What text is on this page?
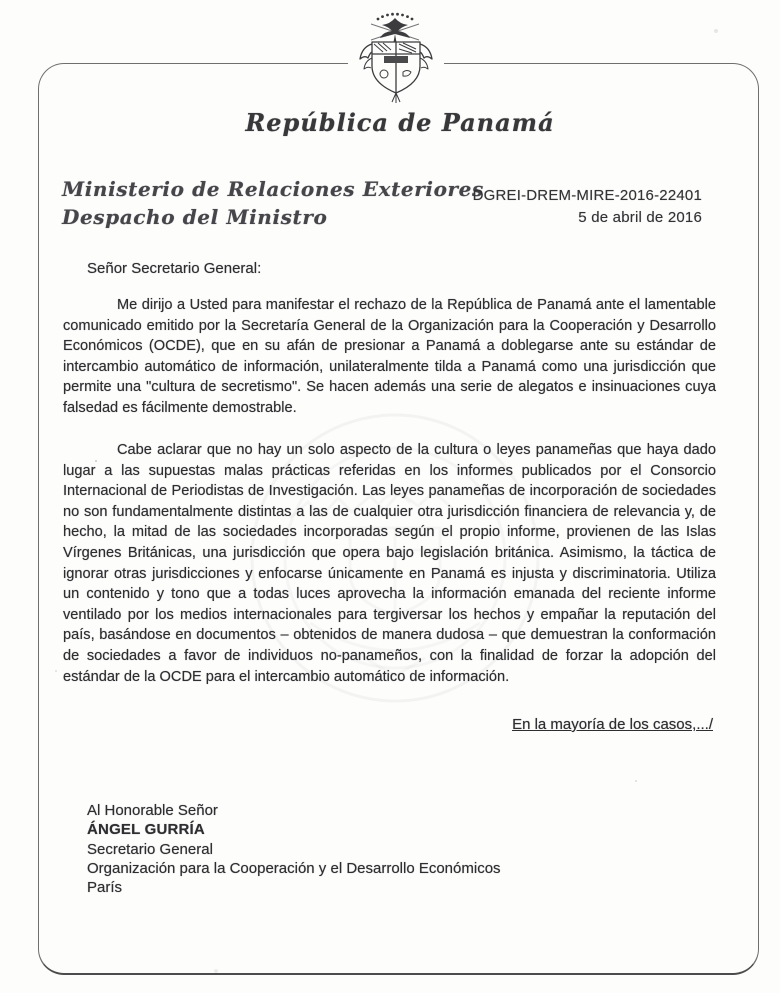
República de Panamá
Ministerio de Relaciones Exteriores
Despacho del Ministro
DGREI-DREM-MIRE-2016-22401
5 de abril de 2016
Señor Secretario General:

Me dirijo a Usted para manifestar el rechazo de la República de Panamá ante el lamentable comunicado emitido por la Secretaría General de la Organización para la Cooperación y Desarrollo Económicos (OCDE), que en su afán de presionar a Panamá a doblegarse ante su estándar de intercambio automático de información, unilateralmente tilda a Panamá como una jurisdicción que permite una "cultura de secretismo". Se hacen además una serie de alegatos e insinuaciones cuya falsedad es fácilmente demostrable.

Cabe aclarar que no hay un solo aspecto de la cultura o leyes panameñas que haya dado lugar a las supuestas malas prácticas referidas en los informes publicados por el Consorcio Internacional de Periodistas de Investigación. Las leyes panameñas de incorporación de sociedades no son fundamentalmente distintas a las de cualquier otra jurisdicción financiera de relevancia y, de hecho, la mitad de las sociedades incorporadas según el propio informe, provienen de las Islas Vírgenes Británicas, una jurisdicción que opera bajo legislación británica. Asimismo, la táctica de ignorar otras jurisdicciones y enfocarse únicamente en Panamá es injusta y discriminatoria. Utiliza un contenido y tono que a todas luces aprovecha la información emanada del reciente informe ventilado por los medios internacionales para tergiversar los hechos y empañar la reputación del país, basándose en documentos – obtenidos de manera dudosa – que demuestran la conformación de sociedades a favor de individuos no-panameños, con la finalidad de forzar la adopción del estándar de la OCDE para el intercambio automático de información.

En la mayoría de los casos,.../
Al Honorable Señor
ÁNGEL GURRÍA
Secretario General
Organización para la Cooperación y el Desarrollo Económicos
París
